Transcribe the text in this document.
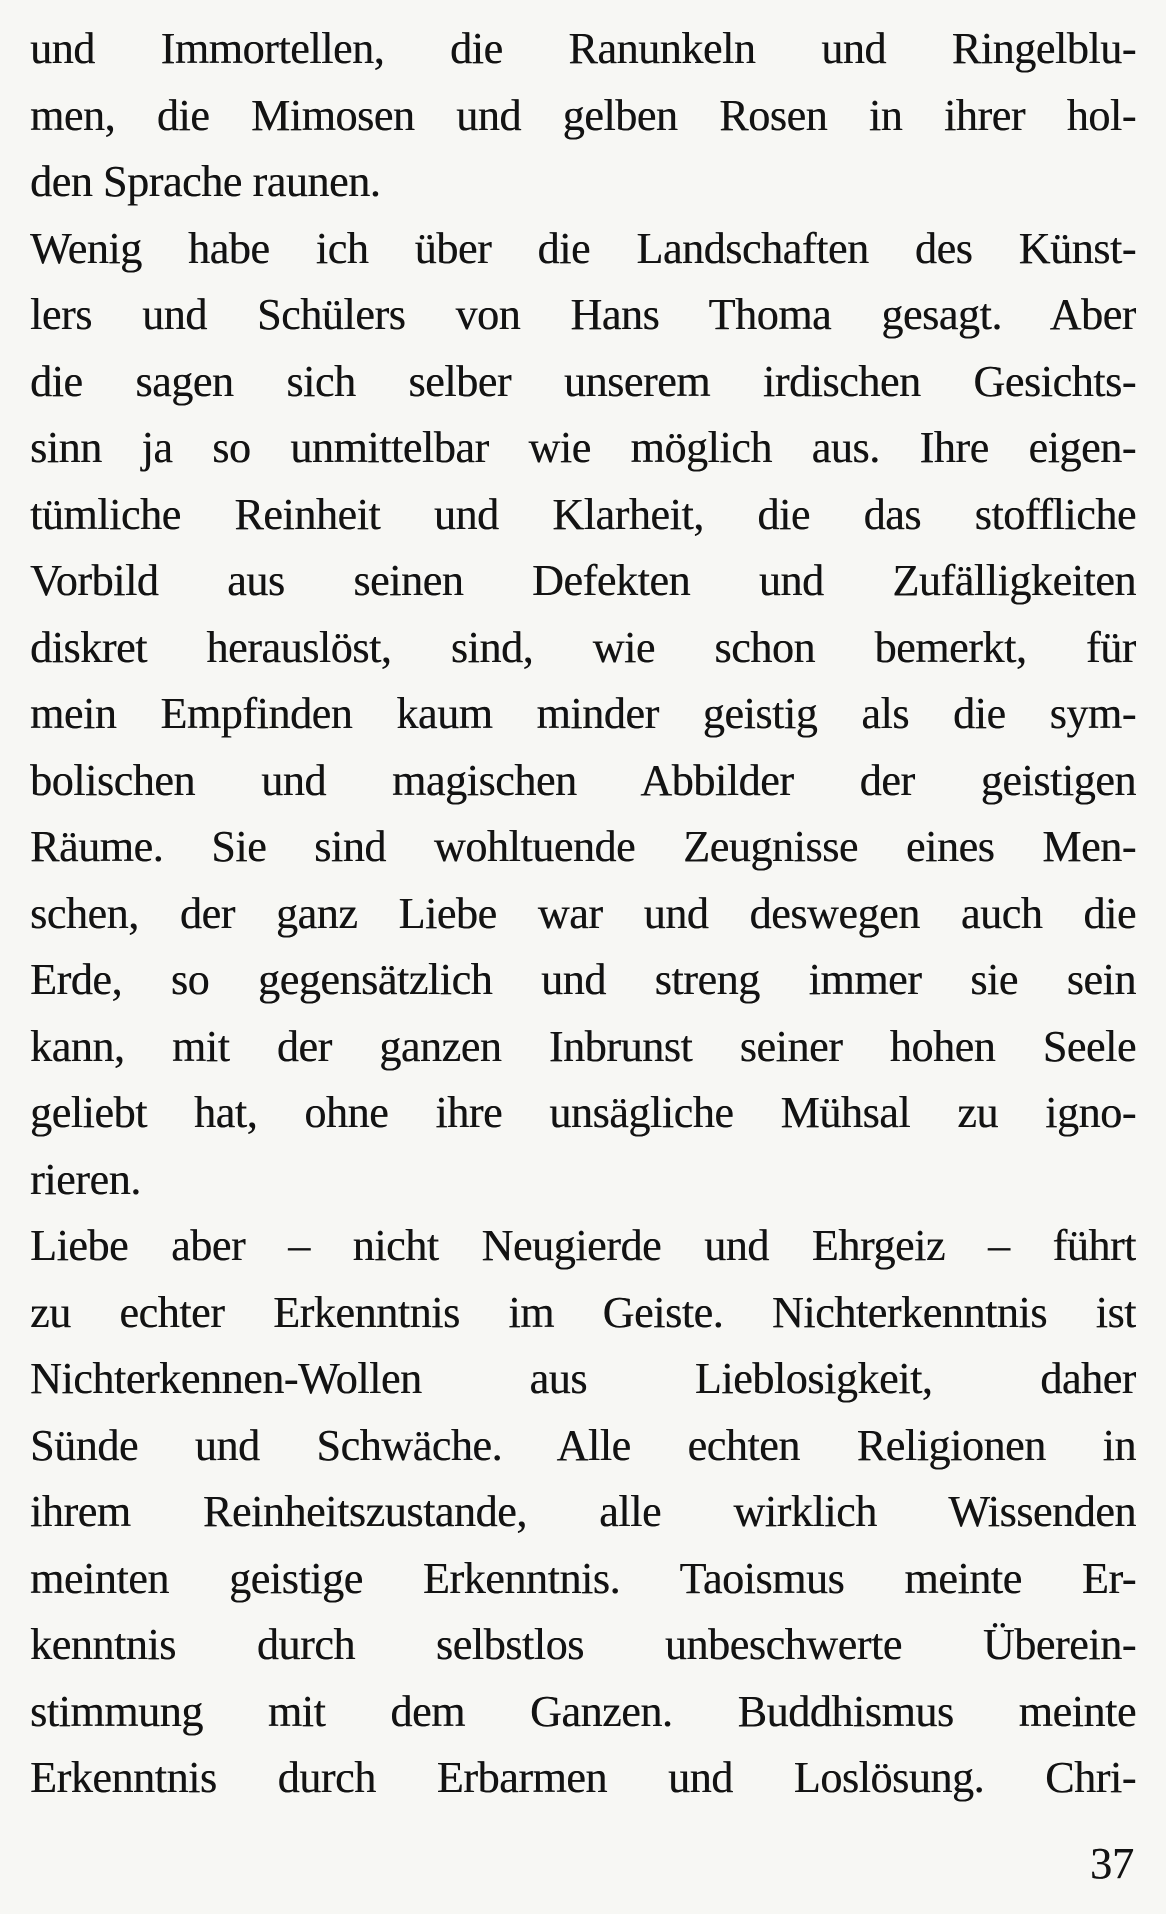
und Immortellen, die Ranunkeln und Ringelblu-
men, die Mimosen und gelben Rosen in ihrer hol-
den Sprache raunen.
Wenig habe ich über die Landschaften des Künst-
lers und Schülers von Hans Thoma gesagt. Aber
die sagen sich selber unserem irdischen Gesichts-
sinn ja so unmittelbar wie möglich aus. Ihre eigen-
tümliche Reinheit und Klarheit, die das stoffliche
Vorbild aus seinen Defekten und Zufälligkeiten
diskret herauslöst, sind, wie schon bemerkt, für
mein Empfinden kaum minder geistig als die sym-
bolischen und magischen Abbilder der geistigen
Räume. Sie sind wohltuende Zeugnisse eines Men-
schen, der ganz Liebe war und deswegen auch die
Erde, so gegensätzlich und streng immer sie sein
kann, mit der ganzen Inbrunst seiner hohen Seele
geliebt hat, ohne ihre unsägliche Mühsal zu igno-
rieren.
Liebe aber – nicht Neugierde und Ehrgeiz – führt
zu echter Erkenntnis im Geiste. Nichterkenntnis ist
Nichterkennen-Wollen aus Lieblosigkeit, daher
Sünde und Schwäche. Alle echten Religionen in
ihrem Reinheitszustande, alle wirklich Wissenden
meinten geistige Erkenntnis. Taoismus meinte Er-
kenntnis durch selbstlos unbeschwerte Überein-
stimmung mit dem Ganzen. Buddhismus meinte
Erkenntnis durch Erbarmen und Loslösung. Chri-
37
